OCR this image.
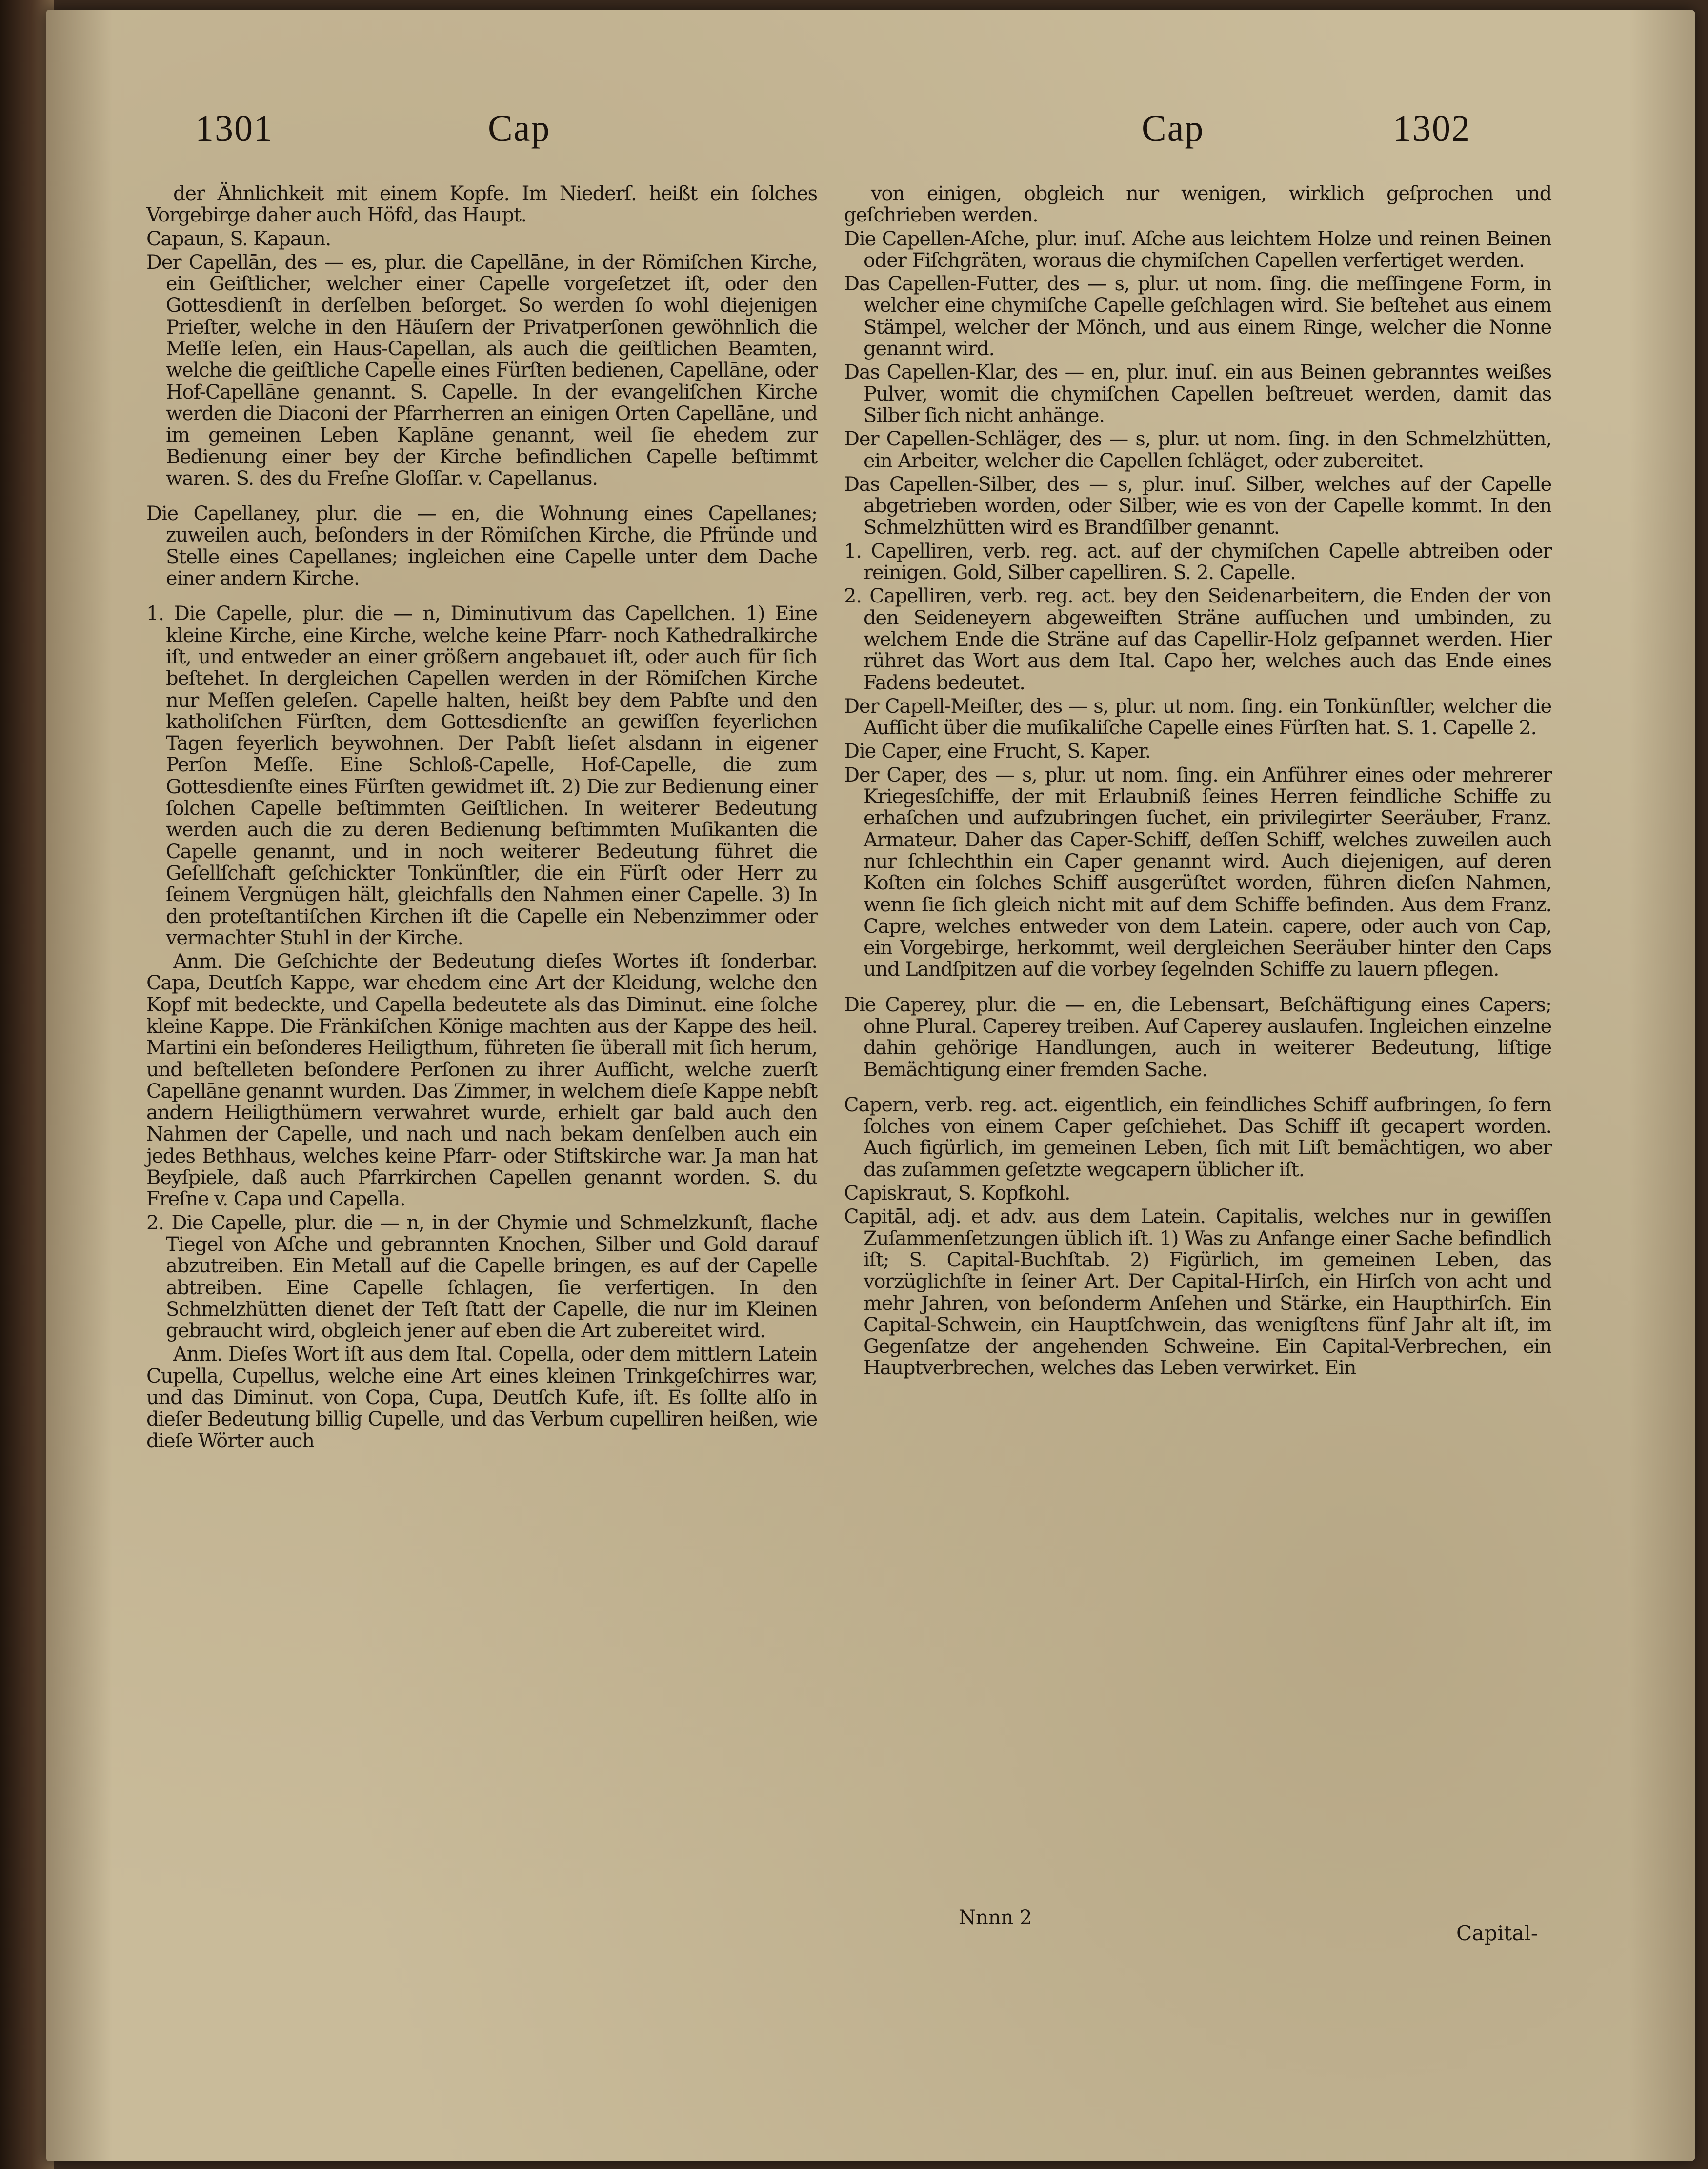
1301	Cap	Cap	1302

der Ähnlichkeit mit einem Kopfe. Im Niederſ. heißt ein ſolches Vorgebirge daher auch Höfd, das Haupt.

Capaun, S. Kapaun.

Der Capellān, des — es, plur. die Capellāne, in der Römiſchen Kirche, ein Geiſtlicher, welcher einer Capelle vorgeſetzet iſt, oder den Gottesdienſt in derſelben beſorget. So werden ſo wohl diejenigen Prieſter, welche in den Häuſern der Privatperſonen gewöhnlich die Meſſe leſen, ein Haus-Capellan, als auch die geiſtlichen Beamten, welche die geiſtliche Capelle eines Fürſten bedienen, Capellāne, oder Hof-Capellāne genannt. S. Capelle. In der evangeliſchen Kirche werden die Diaconi der Pfarrherren an einigen Orten Capellāne, und im gemeinen Leben Kaplāne genannt, weil ſie ehedem zur Bedienung einer bey der Kirche befindlichen Capelle beſtimmt waren. S. des du Freſne Gloſſar. v. Capellanus.

Die Capellaney, plur. die — en, die Wohnung eines Capellanes; zuweilen auch, beſonders in der Römiſchen Kirche, die Pfründe und Stelle eines Capellanes; ingleichen eine Capelle unter dem Dache einer andern Kirche.

1. Die Capelle, plur. die — n, Diminutivum das Capellchen. 1) Eine kleine Kirche, eine Kirche, welche keine Pfarr- noch Kathedralkirche iſt, und entweder an einer größern angebauet iſt, oder auch für ſich beſtehet. In dergleichen Capellen werden in der Römiſchen Kirche nur Meſſen geleſen. Capelle halten, heißt bey dem Pabſte und den katholiſchen Fürſten, dem Gottesdienſte an gewiſſen feyerlichen Tagen feyerlich beywohnen. Der Pabſt lieſet alsdann in eigener Perſon Meſſe. Eine Schloß-Capelle, Hof-Capelle, die zum Gottesdienſte eines Fürſten gewidmet iſt. 2) Die zur Bedienung einer ſolchen Capelle beſtimmten Geiſtlichen. In weiterer Bedeutung werden auch die zu deren Bedienung beſtimmten Muſikanten die Capelle genannt, und in noch weiterer Bedeutung führet die Geſellſchaft geſchickter Tonkünſtler, die ein Fürſt oder Herr zu ſeinem Vergnügen hält, gleichfalls den Nahmen einer Capelle. 3) In den proteſtantiſchen Kirchen iſt die Capelle ein Nebenzimmer oder vermachter Stuhl in der Kirche.

Anm. Die Geſchichte der Bedeutung dieſes Wortes iſt ſonderbar. Capa, Deutſch Kappe, war ehedem eine Art der Kleidung, welche den Kopf mit bedeckte, und Capella bedeutete als das Diminut. eine ſolche kleine Kappe. Die Fränkiſchen Könige machten aus der Kappe des heil. Martini ein beſonderes Heiligthum, führeten ſie überall mit ſich herum, und beſtelleten beſondere Perſonen zu ihrer Aufſicht, welche zuerſt Capellāne genannt wurden. Das Zimmer, in welchem dieſe Kappe nebſt andern Heiligthümern verwahret wurde, erhielt gar bald auch den Nahmen der Capelle, und nach und nach bekam denſelben auch ein jedes Bethhaus, welches keine Pfarr- oder Stiftskirche war. Ja man hat Beyſpiele, daß auch Pfarrkirchen Capellen genannt worden. S. du Freſne v. Capa und Capella.

2. Die Capelle, plur. die — n, in der Chymie und Schmelzkunſt, flache Tiegel von Aſche und gebrannten Knochen, Silber und Gold darauf abzutreiben. Ein Metall auf die Capelle bringen, es auf der Capelle abtreiben. Eine Capelle ſchlagen, ſie verfertigen. In den Schmelzhütten dienet der Teſt ſtatt der Capelle, die nur im Kleinen gebraucht wird, obgleich jener auf eben die Art zubereitet wird.

Anm. Dieſes Wort iſt aus dem Ital. Copella, oder dem mittlern Latein Cupella, Cupellus, welche eine Art eines kleinen Trinkgeſchirres war, und das Diminut. von Copa, Cupa, Deutſch Kufe, iſt. Es ſollte alſo in dieſer Bedeutung billig Cupelle, und das Verbum cupelliren heißen, wie dieſe Wörter auch

von einigen, obgleich nur wenigen, wirklich geſprochen und geſchrieben werden.

Die Capellen-Aſche, plur. inuſ. Aſche aus leichtem Holze und reinen Beinen oder Fiſchgräten, woraus die chymiſchen Capellen verfertiget werden.

Das Capellen-Futter, des — s, plur. ut nom. ſing. die meſſingene Form, in welcher eine chymiſche Capelle geſchlagen wird. Sie beſtehet aus einem Stämpel, welcher der Mönch, und aus einem Ringe, welcher die Nonne genannt wird.

Das Capellen-Klar, des — en, plur. inuſ. ein aus Beinen gebranntes weißes Pulver, womit die chymiſchen Capellen beſtreuet werden, damit das Silber ſich nicht anhänge.

Der Capellen-Schläger, des — s, plur. ut nom. ſing. in den Schmelzhütten, ein Arbeiter, welcher die Capellen ſchläget, oder zubereitet.

Das Capellen-Silber, des — s, plur. inuſ. Silber, welches auf der Capelle abgetrieben worden, oder Silber, wie es von der Capelle kommt. In den Schmelzhütten wird es Brandſilber genannt.

1. Capelliren, verb. reg. act. auf der chymiſchen Capelle abtreiben oder reinigen. Gold, Silber capelliren. S. 2. Capelle.

2. Capelliren, verb. reg. act. bey den Seidenarbeitern, die Enden der von den Seideneyern abgeweiften Sträne aufſuchen und umbinden, zu welchem Ende die Sträne auf das Capellir-Holz geſpannet werden. Hier rühret das Wort aus dem Ital. Capo her, welches auch das Ende eines Fadens bedeutet.

Der Capell-Meiſter, des — s, plur. ut nom. ſing. ein Tonkünſtler, welcher die Aufſicht über die muſikaliſche Capelle eines Fürſten hat. S. 1. Capelle 2.

Die Caper, eine Frucht, S. Kaper.

Der Caper, des — s, plur. ut nom. ſing. ein Anführer eines oder mehrerer Kriegesſchiffe, der mit Erlaubniß ſeines Herren feindliche Schiffe zu erhaſchen und aufzubringen ſuchet, ein privilegirter Seeräuber, Franz. Armateur. Daher das Caper-Schiff, deſſen Schiff, welches zuweilen auch nur ſchlechthin ein Caper genannt wird. Auch diejenigen, auf deren Koſten ein ſolches Schiff ausgerüſtet worden, führen dieſen Nahmen, wenn ſie ſich gleich nicht mit auf dem Schiffe befinden. Aus dem Franz. Capre, welches entweder von dem Latein. capere, oder auch von Cap, ein Vorgebirge, herkommt, weil dergleichen Seeräuber hinter den Caps und Landſpitzen auf die vorbey ſegelnden Schiffe zu lauern pflegen.

Die Caperey, plur. die — en, die Lebensart, Beſchäftigung eines Capers; ohne Plural. Caperey treiben. Auf Caperey auslaufen. Ingleichen einzelne dahin gehörige Handlungen, auch in weiterer Bedeutung, liſtige Bemächtigung einer fremden Sache.

Capern, verb. reg. act. eigentlich, ein feindliches Schiff aufbringen, ſo fern ſolches von einem Caper geſchiehet. Das Schiff iſt gecapert worden. Auch figürlich, im gemeinen Leben, ſich mit Liſt bemächtigen, wo aber das zuſammen geſetzte wegcapern üblicher iſt.

Capiskraut, S. Kopfkohl.

Capitāl, adj. et adv. aus dem Latein. Capitalis, welches nur in gewiſſen Zuſammenſetzungen üblich iſt. 1) Was zu Anfange einer Sache befindlich iſt; S. Capital-Buchſtab. 2) Figürlich, im gemeinen Leben, das vorzüglichſte in ſeiner Art. Der Capital-Hirſch, ein Hirſch von acht und mehr Jahren, von beſonderm Anſehen und Stärke, ein Haupthirſch. Ein Capital-Schwein, ein Hauptſchwein, das wenigſtens fünf Jahr alt iſt, im Gegenſatze der angehenden Schweine. Ein Capital-Verbrechen, ein Hauptverbrechen, welches das Leben verwirket. Ein

Nnnn 2
Capital-
